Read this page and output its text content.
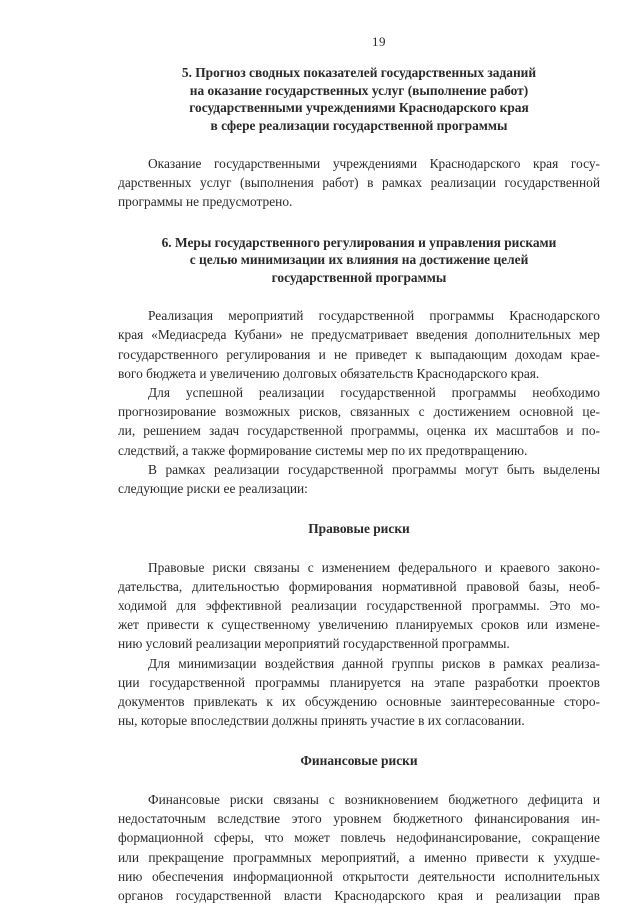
19
5. Прогноз сводных показателей государственных заданий
на оказание государственных услуг (выполнение работ)
государственными учреждениями Краснодарского края
в сфере реализации государственной программы
Оказание государственными учреждениями Краснодарского края госу-
дарственных услуг (выполнения работ) в рамках реализации государственной
программы не предусмотрено.
6. Меры государственного регулирования и управления рисками
с целью минимизации их влияния на достижение целей
государственной программы
Реализация мероприятий государственной программы Краснодарского
края «Медиасреда Кубани» не предусматривает введения дополнительных мер
государственного регулирования и не приведет к выпадающим доходам крае-
вого бюджета и увеличению долговых обязательств Краснодарского края.
Для успешной реализации государственной программы необходимо
прогнозирование возможных рисков, связанных с достижением основной це-
ли, решением задач государственной программы, оценка их масштабов и по-
следствий, а также формирование системы мер по их предотвращению.
В рамках реализации государственной программы могут быть выделены
следующие риски ее реализации:
Правовые риски
Правовые риски связаны с изменением федерального и краевого законо-
дательства, длительностью формирования нормативной правовой базы, необ-
ходимой для эффективной реализации государственной программы. Это мо-
жет привести к существенному увеличению планируемых сроков или измене-
нию условий реализации мероприятий государственной программы.
Для минимизации воздействия данной группы рисков в рамках реализа-
ции государственной программы планируется на этапе разработки проектов
документов привлекать к их обсуждению основные заинтересованные сторо-
ны, которые впоследствии должны принять участие в их согласовании.
Финансовые риски
Финансовые риски связаны с возникновением бюджетного дефицита и
недостаточным вследствие этого уровнем бюджетного финансирования ин-
формационной сферы, что может повлечь недофинансирование, сокращение
или прекращение программных мероприятий, а именно привести к ухудше-
нию обеспечения информационной открытости деятельности исполнительных
органов государственной власти Краснодарского края и реализации прав
